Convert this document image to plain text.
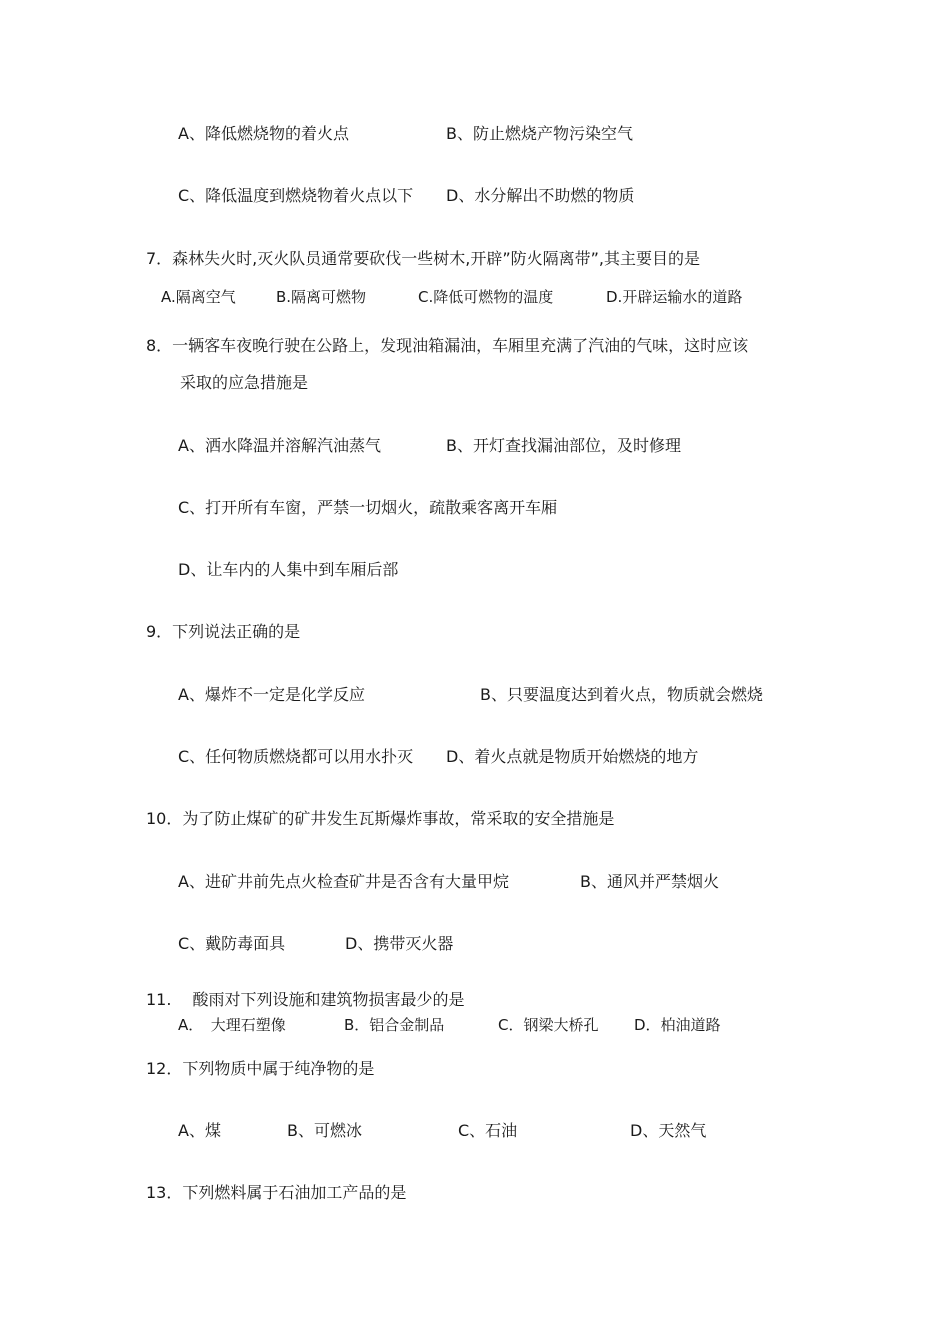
A、降低燃烧物的着火点	B、防止燃烧产物污染空气
C、降低温度到燃烧物着火点以下 D、水分解出不助燃的物质
7．森林失火时,灭火队员通常要砍伐一些树木,开辟”防火隔离带”,其主要目的是
A.隔离空气	B.隔离可燃物	C.降低可燃物的温度	D.开辟运输水的道路
8．一辆客车夜晚行驶在公路上，发现油箱漏油，车厢里充满了汽油的气味，这时应该
采取的应急措施是
A、洒水降温并溶解汽油蒸气	B、开灯查找漏油部位，及时修理
C、打开所有车窗，严禁一切烟火，疏散乘客离开车厢
D、让车内的人集中到车厢后部
9．下列说法正确的是
A、爆炸不一定是化学反应	B、只要温度达到着火点，物质就会燃烧
C、任何物质燃烧都可以用水扑灭 D、着火点就是物质开始燃烧的地方
10．为了防止煤矿的矿井发生瓦斯爆炸事故，常采取的安全措施是
A、进矿井前先点火检查矿井是否含有大量甲烷	B、通风并严禁烟火
C、戴防毒面具	D、携带灭火器
11.　 酸雨对下列设施和建筑物损害最少的是
A．　大理石塑像	B．铝合金制品	C．钢梁大桥孔 D．柏油道路
12．下列物质中属于纯净物的是
A、煤	B、可燃冰	C、石油	D、天然气
13．下列燃料属于石油加工产品的是
